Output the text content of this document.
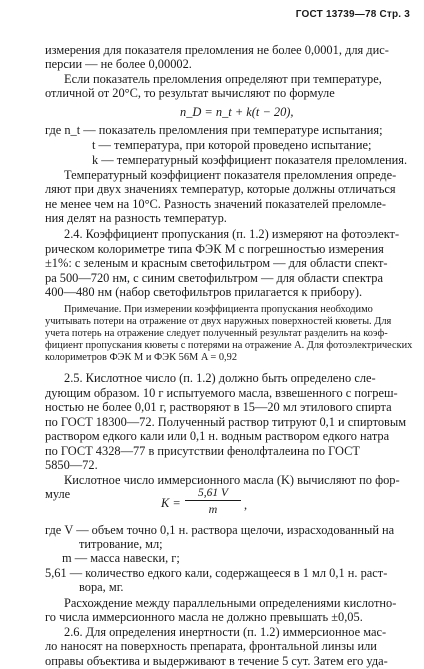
ГОСТ 13739—78 Стр. 3
измерения для показателя преломления не более 0,0001, для дис-
персии — не более 0,00002.
Если показатель преломления определяют при температуре,
отличной от 20°С, то результат вычисляют по формуле
n_D = n_t + k(t − 20),
где n_t — показатель преломления при температуре испытания;
t — температура, при которой проведено испытание;
k — температурный коэффициент показателя преломления.
Температурный коэффициент показателя преломления опреде-
ляют при двух значениях температур, которые должны отличаться
не менее чем на 10°С. Разность значений показателей преломле-
ния делят на разность температур.
2.4. Коэффициент пропускания (п. 1.2) измеряют на фотоэлект-
рическом колориметре типа ФЭК М с погрешностью измерения
±1%: с зеленым и красным светофильтром — для области спект-
ра 500—720 нм, с синим светофильтром — для области спектра
400—480 нм (набор светофильтров прилагается к прибору).
Примечание. При измерении коэффициента пропускания необходимо
учитывать потери на отражение от двух наружных поверхностей кюветы. Для
учета потерь на отражение следует полученный результат разделить на коэф-
фициент пропускания кюветы с потерями на отражение A. Для фотоэлектрических
колориметров ФЭК М и ФЭК 56М A = 0,92
2.5. Кислотное число (п. 1.2) должно быть определено сле-
дующим образом. 10 г испытуемого масла, взвешенного с погреш-
ностью не более 0,01 г, растворяют в 15—20 мл этилового спирта
по ГОСТ 18300—72. Полученный раствор титруют 0,1 и спиртовым
раствором едкого кали или 0,1 н. водным раствором едкого натра
по ГОСТ 4328—77 в присутствии фенолфталеина по ГОСТ
5850—72.
Кислотное число иммерсионного масла (K) вычисляют по фор-
муле
$K = \frac{5,61 V}{m}$ ,
где V — объем точно 0,1 н. раствора щелочи, израсходованный на
титрование, мл;
m — масса навески, г;
5,61 — количество едкого кали, содержащееся в 1 мл 0,1 н. раст-
вора, мг.
Расхождение между параллельными определениями кислотно-
го числа иммерсионного масла не должно превышать ±0,05.
2.6. Для определения инертности (п. 1.2) иммерсионное мас-
ло наносят на поверхность препарата, фронтальной линзы или
оправы объектива и выдерживают в течение 5 сут. Затем его уда-
